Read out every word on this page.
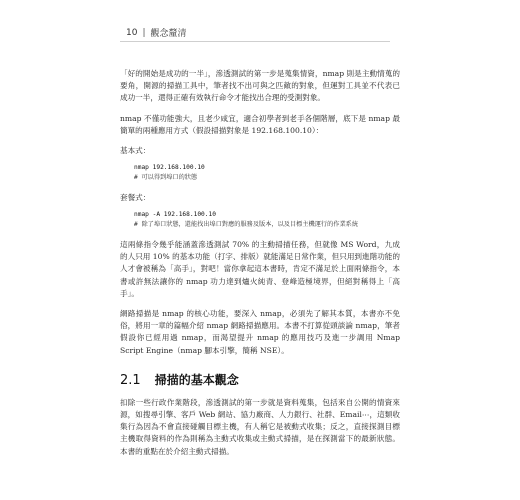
10 | 觀念釐清

「好的開始是成功的一半」，滲透測試的第一步是蒐集情資，nmap 則是主動情蒐的要角，開源的掃描工具中，筆者找不出可與之匹敵的對象，但運對工具並不代表已成功一半，還得正確有效執行命令才能找出合理的受測對象。

nmap 不僅功能強大，且老少咸宜，適合初學者到老手各個階層，底下是 nmap 最簡單的兩種應用方式（假設掃描對象是 192.168.100.10）：

基本式：

nmap 192.168.100.10
# 可以得到埠口的狀態

套餐式：

nmap -A 192.168.100.10
# 除了埠口狀態，還能找出埠口對應的服務及版本，以及目標主機運行的作業系統

這兩條指令幾乎能涵蓋滲透測試 70% 的主動掃描任務，但就像 MS Word，九成的人只用 10% 的基本功能（打字、排版）就能滿足日常作業，但只用到進階功能的人才會被稱為「高手」，對吧！當你拿起這本書時，肯定不滿足於上面兩條指令，本書或許無法讓你的 nmap 功力達到爐火純青、登峰造極境界，但絕對稱得上「高手」。

網路掃描是 nmap 的核心功能，要深入 nmap，必須先了解其本質，本書亦不免俗，將用一章的篇幅介紹 nmap 網路掃描應用。本書不打算從頭談論 nmap，筆者假設你已經用過 nmap，而渴望提升 nmap 的應用技巧及進一步調用 Nmap Script Engine（nmap 腳本引擎，簡稱 NSE）。

2.1 掃描的基本觀念

扣除一些行政作業階段，滲透測試的第一步就是資料蒐集，包括來自公開的情資來源，如搜尋引擎、客戶 Web 網站、協力廠商、人力銀行、社群、Email⋯，這類收集行為因為不會直接碰觸目標主機，有人稱它是被動式收集；反之，直接探測目標主機取得資料的作為則稱為主動式收集或主動式掃描，是在探測當下的最新狀態。本書的重點在於介紹主動式掃描。
